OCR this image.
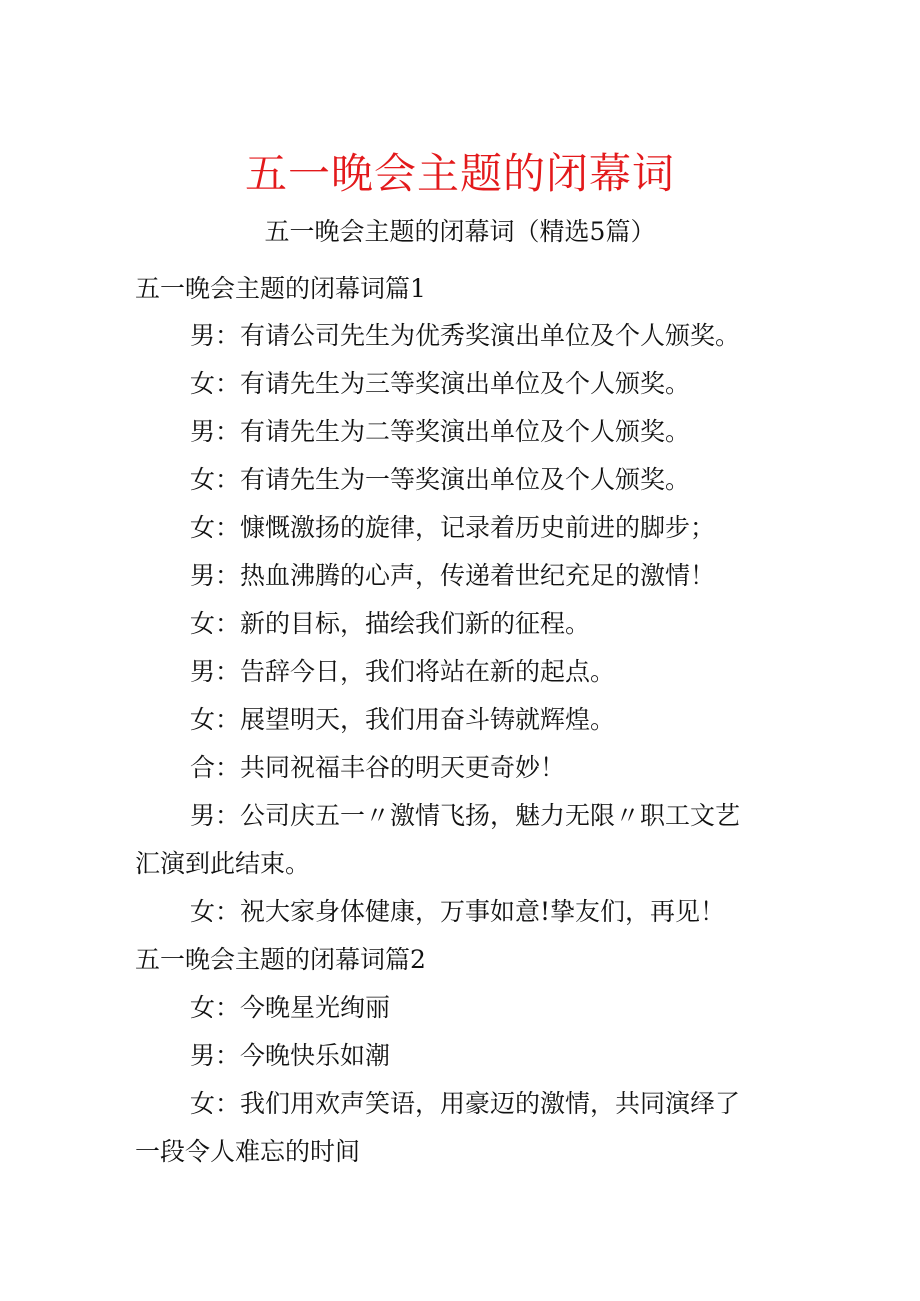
五一晚会主题的闭幕词
五一晚会主题的闭幕词（精选5篇）
五一晚会主题的闭幕词篇1
男：有请公司先生为优秀奖演出单位及个人颁奖。
女：有请先生为三等奖演出单位及个人颁奖。
男：有请先生为二等奖演出单位及个人颁奖。
女：有请先生为一等奖演出单位及个人颁奖。
女：慷慨激扬的旋律，记录着历史前进的脚步；
男：热血沸腾的心声，传递着世纪充足的激情！
女：新的目标，描绘我们新的征程。
男：告辞今日，我们将站在新的起点。
女：展望明天，我们用奋斗铸就辉煌。
合：共同祝福丰谷的明天更奇妙！
男：公司庆五一〃激情飞扬，魅力无限〃职工文艺
汇演到此结束。
女：祝大家身体健康，万事如意!挚友们，再见！
五一晚会主题的闭幕词篇2
女：今晚星光绚丽
男：今晚快乐如潮
女：我们用欢声笑语，用豪迈的激情，共同演绎了
一段令人难忘的时间
